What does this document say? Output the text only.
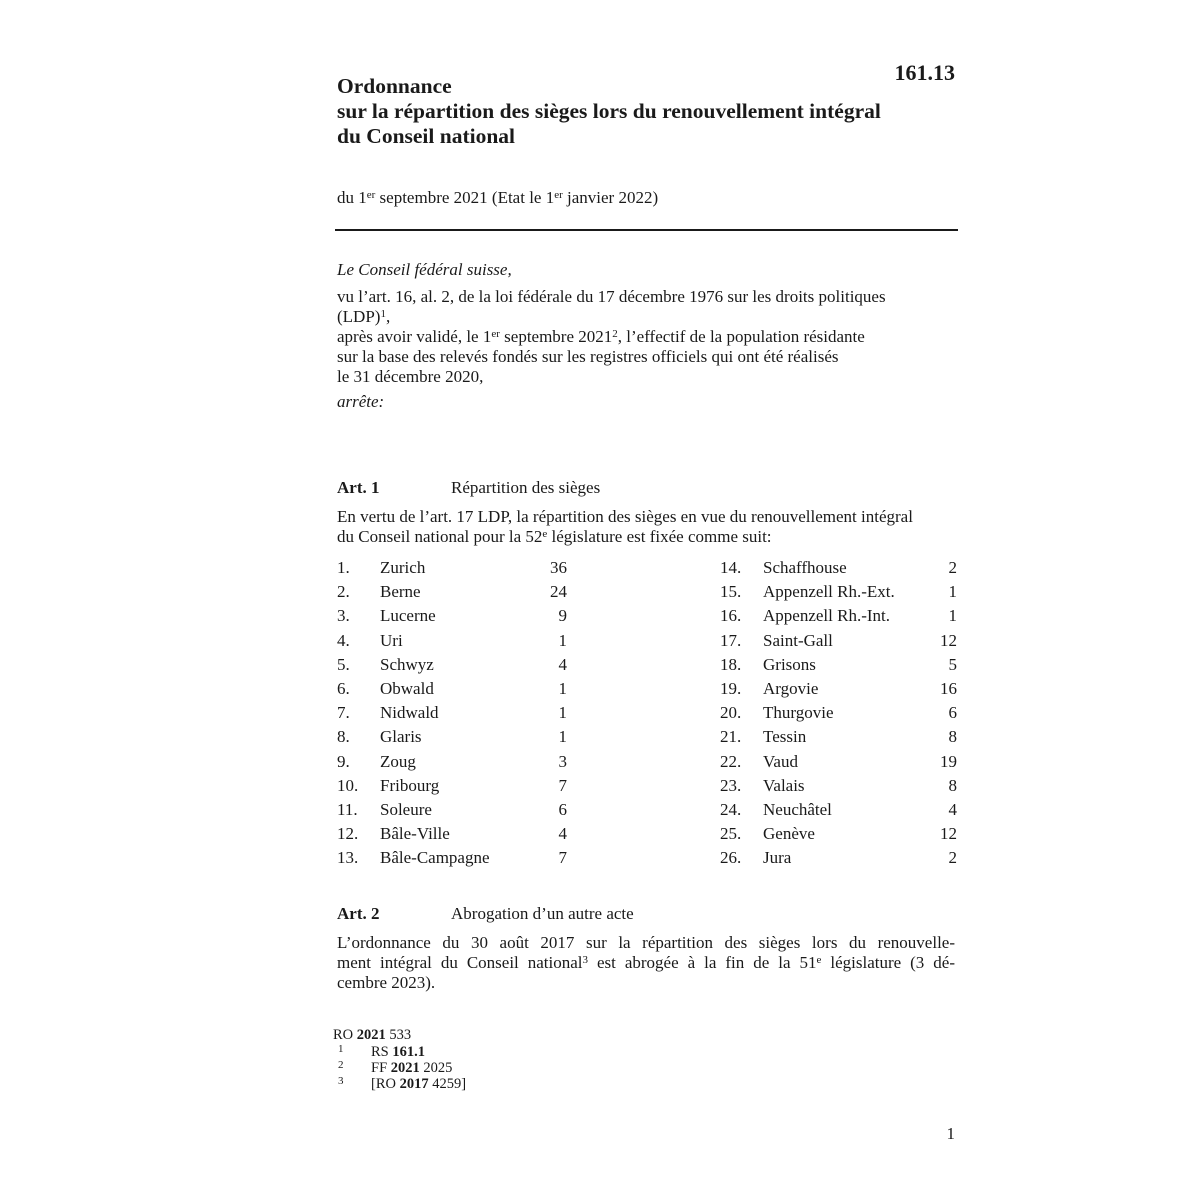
161.13
Ordonnance
sur la répartition des sièges lors du renouvellement intégral
du Conseil national
du 1er septembre 2021 (Etat le 1er janvier 2022)
Le Conseil fédéral suisse,
vu l’art. 16, al. 2, de la loi fédérale du 17 décembre 1976 sur les droits politiques
(LDP)$^1$,
après avoir validé, le 1er septembre 2021$^2$, l’effectif de la population résidante
sur la base des relevés fondés sur les registres officiels qui ont été réalisés
le 31 décembre 2020,
arrête:
Art. 1	Répartition des sièges
En vertu de l’art. 17 LDP, la répartition des sièges en vue du renouvellement intégral
du Conseil national pour la 52e législature est fixée comme suit:
1. Zurich	36
2. Berne	24
3. Lucerne	9
4. Uri	1
5. Schwyz	4
6. Obwald	1
7. Nidwald	1
8. Glaris	1
9. Zoug	3
10. Fribourg	7
11. Soleure	6
12. Bâle-Ville	4
13. Bâle-Campagne	7
14. Schaffhouse	2
15. Appenzell Rh.-Ext.	1
16. Appenzell Rh.-Int.	1
17. Saint-Gall	12
18. Grisons	5
19. Argovie	16
20. Thurgovie	6
21. Tessin	8
22. Vaud	19
23. Valais	8
24. Neuchâtel	4
25. Genève	12
26. Jura	2
Art. 2	Abrogation d’un autre acte
L’ordonnance du 30 août 2017 sur la répartition des sièges lors du renouvelle-
ment intégral du Conseil national$^3$ est abrogée à la fin de la 51e législature (3 dé-
cembre 2023).
RO 2021 533
1 RS 161.1
2 FF 2021 2025
3 [RO 2017 4259]
1
